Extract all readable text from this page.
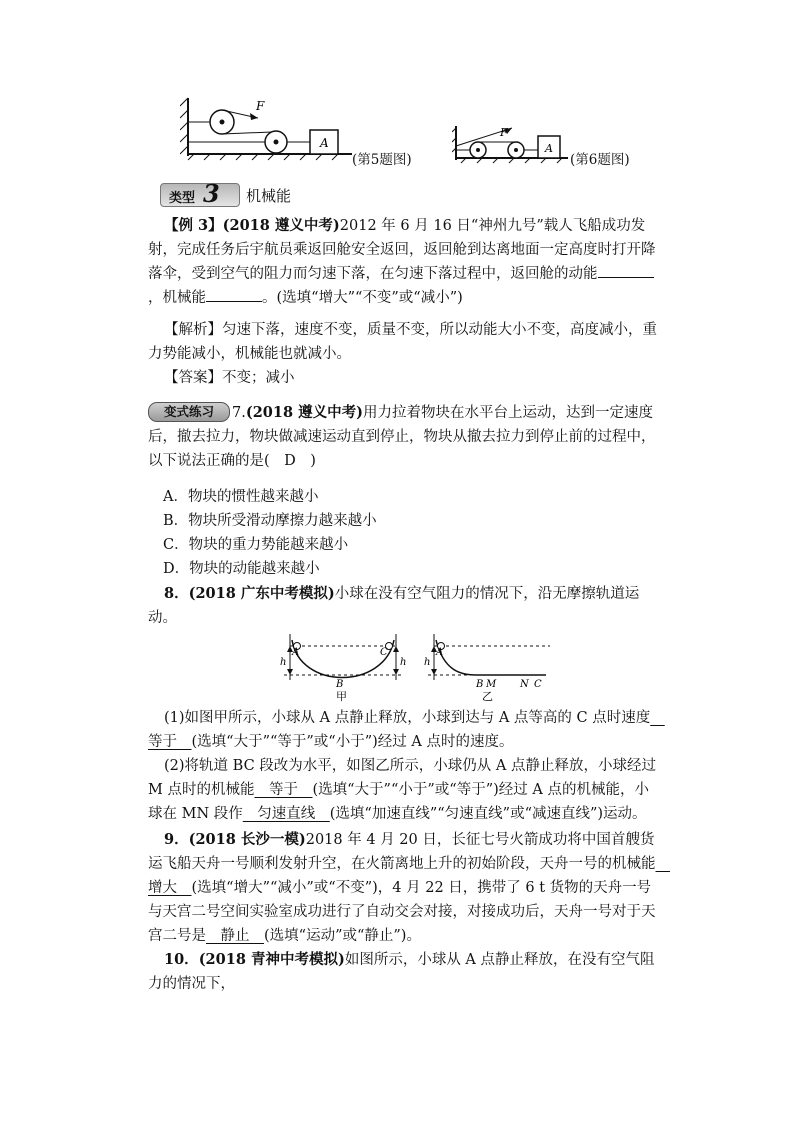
F
A
(第5题图)
F
A
(第6题图)
类型 3 机械能
【例 3】(2018 遵义中考)2012 年 6 月 16 日“神州九号”载人飞船成功发射，完成任务后宇航员乘返回舱安全返回，返回舱到达离地面一定高度时打开降落伞，受到空气的阻力而匀速下落，在匀速下落过程中，返回舱的动能，机械能	。(选填“增大”“不变”或“减小”)
【解析】匀速下落，速度不变，质量不变，所以动能大小不变，高度减小，重力势能减小，机械能也就减小。
【答案】不变；减小
变式练习	7.(2018 遵义中考)用力拉着物块在水平台上运动，达到一定速度后，撤去拉力，物块做减速运动直到停止，物块从撤去拉力到停止前的过程中，以下说法正确的是(　D　)
A．物块的惯性越来越小
B．物块所受滑动摩擦力越来越小
C．物块的重力势能越来越小
D．物块的动能越来越小
8．(2018 广东中考模拟)小球在没有空气阻力的情况下，沿无摩擦轨道运动。
A	C
h	h
B
甲
A
h
B M N C
乙
(1)如图甲所示，小球从 A 点静止释放，小球到达与 A 点等高的 C 点时速度　等于　(选填“大于”“等于”或“小于”)经过 A 点时的速度。
(2)将轨道 BC 段改为水平，如图乙所示，小球仍从 A 点静止释放，小球经过 M 点时的机械能　等于　(选填“大于”“小于”或“等于”)经过 A 点的机械能，小球在 MN 段作　匀速直线　(选填“加速直线”“匀速直线”或“减速直线”)运动。
9．(2018 长沙一模)2018 年 4 月 20 日，长征七号火箭成功将中国首艘货运飞船天舟一号顺利发射升空，在火箭离地上升的初始阶段，天舟一号的机械能　增大　(选填“增大”“减小”或“不变”)，4 月 22 日，携带了 6 t 货物的天舟一号与天宫二号空间实验室成功进行了自动交会对接，对接成功后，天舟一号对于天宫二号是　静止　(选填“运动”或“静止”)。
10．(2018 青神中考模拟)如图所示，小球从 A 点静止释放，在没有空气阻力的情况下，
